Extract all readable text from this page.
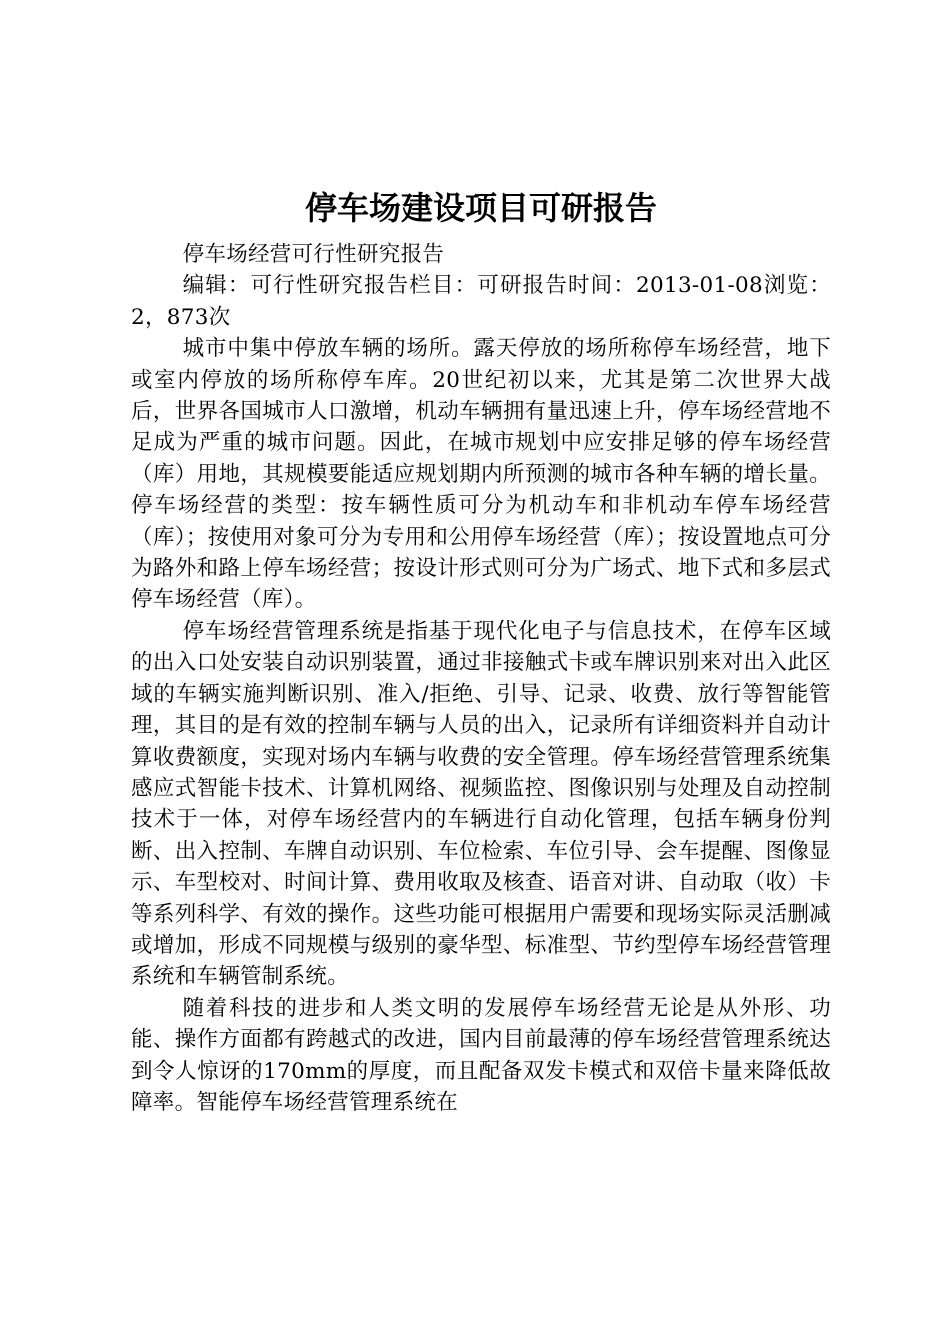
停车场建设项目可研报告

停车场经营可行性研究报告

编辑：可行性研究报告栏目：可研报告时间：2013-01-08浏览：2，873次

城市中集中停放车辆的场所。露天停放的场所称停车场经营，地下或室内停放的场所称停车库。20世纪初以来，尤其是第二次世界大战后，世界各国城市人口激增，机动车辆拥有量迅速上升，停车场经营地不足成为严重的城市问题。因此，在城市规划中应安排足够的停车场经营（库）用地，其规模要能适应规划期内所预测的城市各种车辆的增长量。停车场经营的类型：按车辆性质可分为机动车和非机动车停车场经营（库）；按使用对象可分为专用和公用停车场经营（库）；按设置地点可分为路外和路上停车场经营；按设计形式则可分为广场式、地下式和多层式停车场经营（库）。

停车场经营管理系统是指基于现代化电子与信息技术，在停车区域的出入口处安装自动识别装置，通过非接触式卡或车牌识别来对出入此区域的车辆实施判断识别、准入/拒绝、引导、记录、收费、放行等智能管理，其目的是有效的控制车辆与人员的出入，记录所有详细资料并自动计算收费额度，实现对场内车辆与收费的安全管理。停车场经营管理系统集感应式智能卡技术、计算机网络、视频监控、图像识别与处理及自动控制技术于一体，对停车场经营内的车辆进行自动化管理，包括车辆身份判断、出入控制、车牌自动识别、车位检索、车位引导、会车提醒、图像显示、车型校对、时间计算、费用收取及核查、语音对讲、自动取（收）卡等系列科学、有效的操作。这些功能可根据用户需要和现场实际灵活删减或增加，形成不同规模与级别的豪华型、标准型、节约型停车场经营管理系统和车辆管制系统。

随着科技的进步和人类文明的发展停车场经营无论是从外形、功能、操作方面都有跨越式的改进，国内目前最薄的停车场经营管理系统达到令人惊讶的170mm的厚度，而且配备双发卡模式和双倍卡量来降低故障率。智能停车场经营管理系统在
